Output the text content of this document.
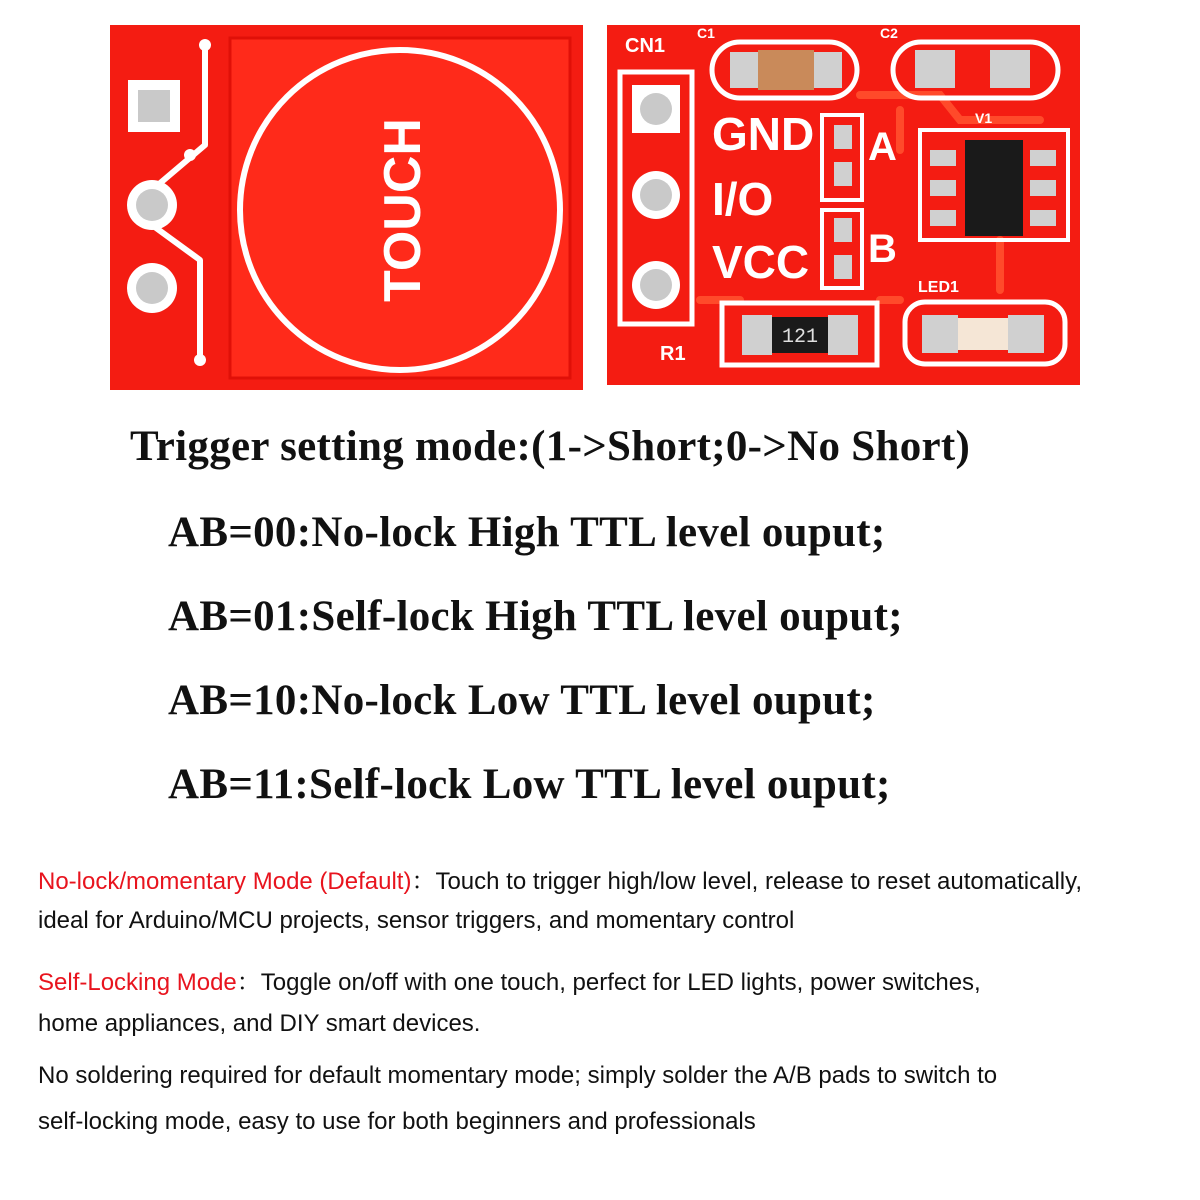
TOUCH
CN1
GND
I/O
VCC
C1	C2
A
B
V1
R1
121
LED1
Trigger setting mode:(1->Short;0->No Short)
AB=00:No-lock High TTL level ouput;
AB=01:Self-lock High TTL level ouput;
AB=10:No-lock Low TTL level ouput;
AB=11:Self-lock Low TTL level ouput;
No-lock/momentary Mode (Default)：Touch to trigger high/low level, release to reset automatically,
ideal for Arduino/MCU projects, sensor triggers, and momentary control
Self-Locking Mode：Toggle on/off with one touch, perfect for LED lights, power switches,
home appliances, and DIY smart devices.
No soldering required for default momentary mode; simply solder the A/B pads to switch to
self-locking mode, easy to use for both beginners and professionals
